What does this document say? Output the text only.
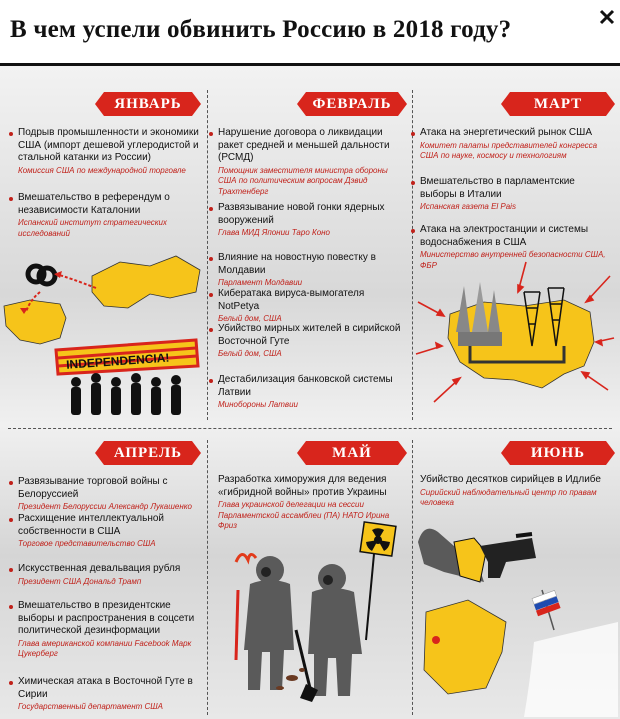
В чем успели обвинить Россию в 2018 году?
ЯНВАРЬ	ФЕВРАЛЬ	МАРТ
АПРЕЛЬ	МАЙ	ИЮНЬ
Подрыв промышленности и экономики США (импорт дешевой углеродистой и стальной катанки из России)
Комиссия США по международной торговле
Вмешательство в референдум о независимости Каталонии
Испанский институт стратегических исследований
INDEPENDENCIA!
Нарушение договора о ликвидации ракет средней и меньшей дальности (РСМД)
Помощник заместителя министра обороны США по политическим вопросам Дэвид Трахтенберг
Развязывание новой гонки ядерных вооружений
Глава МИД Японии Таро Коно
Влияние на новостную повестку в Молдавии
Парламент Молдавии
Кибератака вируса-вымогателя NotPetya
Белый дом, США
Убийство мирных жителей в сирийской Восточной Гуте
Белый дом, США
Дестабилизация банковской системы Латвии
Минобороны Латвии
Атака на энергетический рынок США
Комитет палаты представителей конгресса США по науке, космосу и технологиям
Вмешательство в парламентские выборы в Италии
Испанская газета El Pais
Атака на электростанции и системы водоснабжения в США
Министерство внутренней безопасности США, ФБР
Развязывание торговой войны с Белоруссией
Президент Белоруссии Александр Лукашенко
Расхищение интеллектуальной собственности в США
Торговое представительство США
Искусственная девальвация рубля
Президент США Дональд Трамп
Вмешательство в президентские выборы и распространения в соцсети политической дезинформации
Глава американской компании Facebook Марк Цукерберг
Химическая атака в Восточной Гуте в Сирии
Государственный департамент США
Разработка химоружия для ведения «гибридной войны» против Украины
Глава украинской делегации на сессии Парламентской ассамблеи (ПА) НАТО Ирина Фриз
Убийство десятков сирийцев в Идлибе
Сирийский наблюдательный центр по правам человека
